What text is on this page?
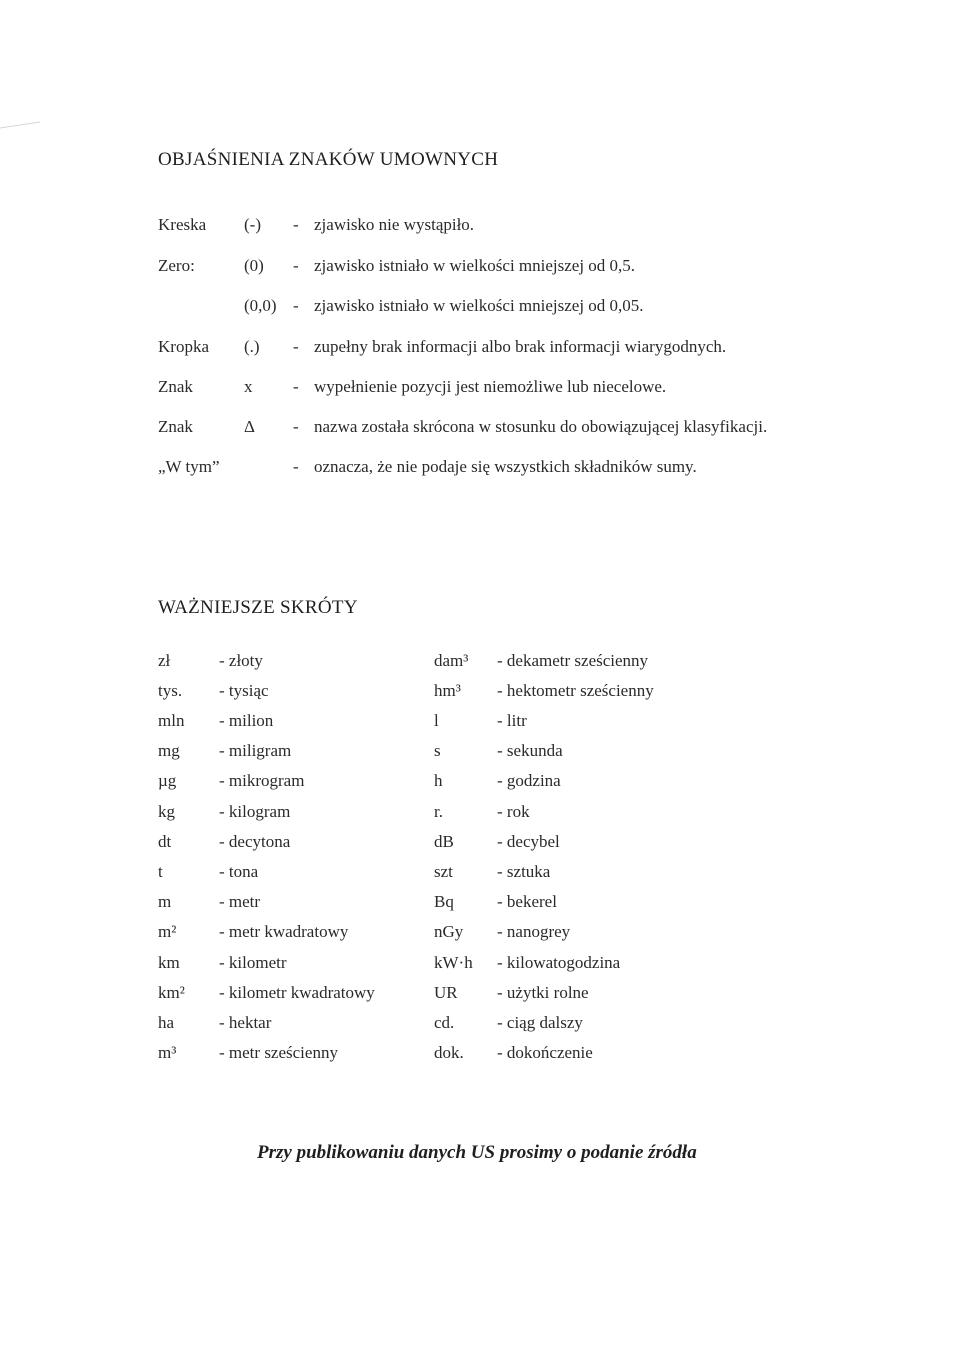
OBJAŚNIENIA ZNAKÓW UMOWNYCH
Kreska (-) - zjawisko nie wystąpiło.
Zero:	(0) - zjawisko istniało w wielkości mniejszej od 0,5.
(0,0) - zjawisko istniało w wielkości mniejszej od 0,05.
Kropka (.) - zupełny brak informacji albo brak informacji wiarygodnych.
Znak	x - wypełnienie pozycji jest niemożliwe lub niecelowe.
Znak	Δ - nazwa została skrócona w stosunku do obowiązującej klasyfikacji.
„W tym”	- oznacza, że nie podaje się wszystkich składników sumy.
WAŻNIEJSZE SKRÓTY
zł	- złoty	dam³ - dekametr sześcienny
tys. - tysiąc	hm³ - hektometr sześcienny
mln - milion	l	- litr
mg - miligram	s	- sekunda
µg	- mikrogram	h	- godzina
kg	- kilogram	r.	- rok
dt	- decytona	dB	- decybel
t	- tona	szt	- sztuka
m	- metr	Bq	- bekerel
m²	- metr kwadratowy	nGy - nanogrey
km - kilometr	kW·h - kilowatogodzina
km² - kilometr kwadratowy	UR - użytki rolne
ha	- hektar	cd.	- ciąg dalszy
m³	- metr sześcienny	dok. - dokończenie

Przy publikowaniu danych US prosimy o podanie źródła
